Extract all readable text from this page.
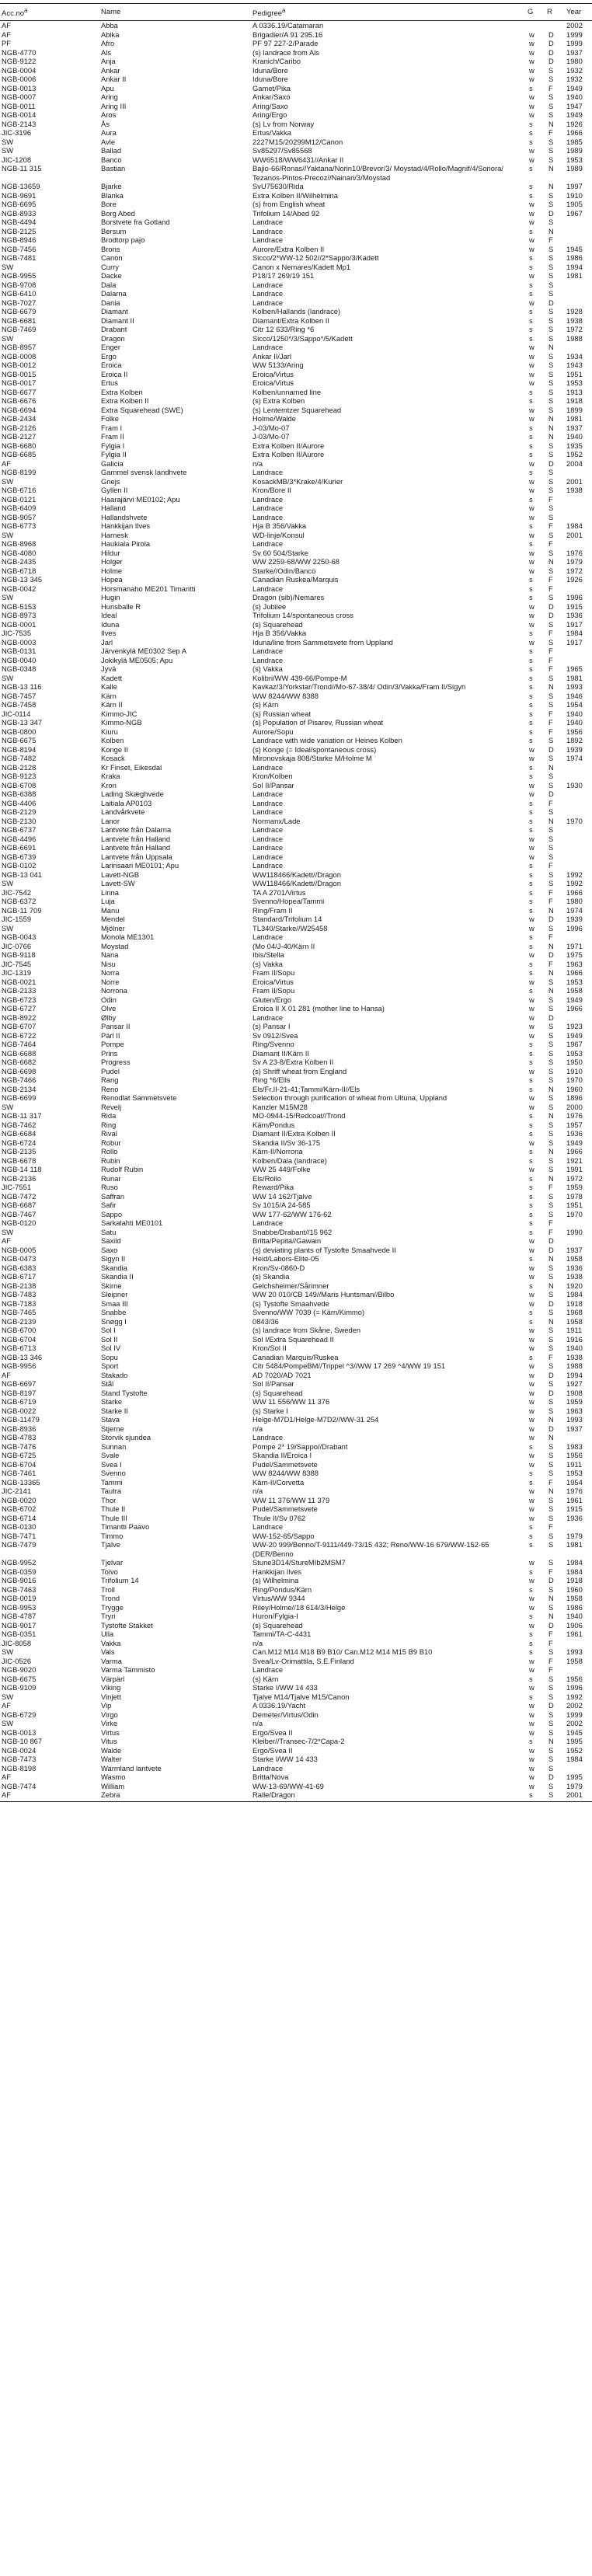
$Acc.no^a$	Name	Pedigree$^a$	G	R	Year
AF	Abba	A 0336.19/Catamaran			2002
AF	Abika	Brigadier/A 91 295.16	w	D	1999
PF	Afro	PF 97 227-2/Parade	w	D	1999
NGB-4770	Als	(s) landrace from Als	w	D	1937
NGB-9122	Anja	Kranich/Caribo	w	D	1980
NGB-0004	Ankar	Iduna/Bore	w	S	1932
NGB-0006	Ankar II	Iduna/Bore	w	S	1932
NGB-0013	Apu	Gamet/Pika	s	F	1949
NGB-0007	Aring	Ankar/Saxo	w	S	1940
NGB-0011	Aring III	Aring/Saxo	w	S	1947
NGB-0014	Aros	Aring/Ergo	w	S	1949
NGB-2143	Ås	(s) Lv from Norway	s	N	1926
JIC-3196	Aura	Ertus/Vakka	s	F	1966
SW	Avle	2227M15/20299M12/Canon	s	S	1985
SW	Ballad	Sv85297/Sv85568	w	S	1989
JIC-1208	Banco	WW6518/WW6431//Ankar II	w	S	1953
NGB-11 315	Bastian	Bajio-66/Ronas//Yaktana/Norin10/Brevor/3/ Moystad/4/Rollo/Magnif/4/Sonora/ Tezanos-Pintos-Precoz//Nainari/3/Moystad	s	N	1989
NGB-13659	Bjarke	SvU75630/Rida	s	N	1997
NGB-9691	Blanka	Extra Kolben II/Wilhelmina	s	S	1910
NGB-6695	Bore	(s) from English wheat	w	S	1905
NGB-8933	Borg Abed	Trifolium 14/Abed 92	w	D	1967
NGB-4494	Borstvete fra Gotland	Landrace	w	S	
NGB-2125	Bersum	Landrace	s	N	
NGB-8946	Brodtorp pajo	Landrace	w	F	
NGB-7456	Brons	Aurore/Extra Kolben II	w	S	1945
NGB-7481	Canon	Sicco/2*WW-12 502//2*Sappo/3/Kadett	s	S	1986
SW	Curry	Canon x Nemares/Kadett Mp1	s	S	1994
NGB-9955	Dacke	P18/17 269/19 151	w	S	1981
NGB-9708	Dala	Landrace	s	S	
NGB-6410	Dalarna	Landrace	s	S	
NGB-7027	Dania	Landrace	w	D	
NGB-6679	Diamant	Kolben/Hallands (landrace)	s	S	1928
NGB-6681	Diamant II	Diamant/Extra Kolben II	s	S	1938
NGB-7469	Drabant	Citr 12 633/Ring *6	s	S	1972
SW	Dragon	Sicco/1250*/3/Sappo*/5/Kadett	s	S	1988
NGB-8957	Enger	Landrace	w	N	
NGB-0008	Ergo	Ankar II/Jarl	w	S	1934
NGB-0012	Eroica	WW 5133/Aring	w	S	1943
NGB-0015	Eroica II	Eroica/Virtus	w	S	1951
NGB-0017	Ertus	Eroica/Virtus	w	S	1953
NGB-6677	Extra Kolben	Kolben/unnamed line	s	S	1913
NGB-6676	Extra Kolben II	(s) Extra Kolben	s	S	1918
NGB-6694	Extra Squarehead (SWE)	(s) Lentemtzer Squarehead	w	S	1899
NGB-2434	Folke	Holme/Walde	w	N	1981
NGB-2126	Fram I	J-03/Mo-07	s	N	1937
NGB-2127	Fram II	J-03/Mo-07	s	N	1940
NGB-6680	Fylgia I	Extra Kolben II/Aurore	s	S	1935
NGB-6685	Fylgia II	Extra Kolben II/Aurore	s	S	1952
AF	Galicia	n/a	w	D	2004
NGB-8199	Gammel svensk landhvete	Landrace	s	S	
SW	Gnejs	KosackMB/3*Krake/4/Kurier	w	S	2001
NGB-6716	Gyllen II	Kron/Bore II	w	S	1938
NGB-0121	Haarajärvi ME0102; Apu	Landrace	s	F	
NGB-6409	Halland	Landrace	w	S	
NGB-9057	Hallandshvete	Landrace	w	S	
NGB-6773	Hankkijan Ilves	Hja B 356/Vakka	s	F	1984
SW	Harnesk	WD-linje/Konsul	w	S	2001
NGB-8968	Haukiala Pirola	Landrace	s	F	
NGB-4080	Hildur	Sv 60 504/Starke	w	S	1976
NGB-2435	Holger	WW 2259-68/WW 2250-68	w	N	1979
NGB-6718	Holme	Starke//Odin/Banco	w	S	1972
NGB-13 345	Hopea	Canadian Ruskea/Marquis	s	F	1926
NGB-0042	Horsmanaho ME201 Timantti	Landrace	s	F	
SW	Hugin	Dragon (sib)/Nemares	s	S	1996
NGB-5153	Hunsballe R	(s) Jubilee	w	D	1915
NGB-8973	Ideal	Trifolium 14/spontaneous cross	w	D	1936
NGB-0001	Iduna	(s) Squarehead	w	S	1917
JIC-7535	Ilves	Hja B 356/Vakka	s	F	1984
NGB-0003	Jarl	Iduna/line from Sammetsvete from Uppland	w	S	1917
NGB-0131	Järvenkylä ME0302 Sep A	Landrace	s	F	
NGB-0040	Jokikylä ME0505; Apu	Landrace	s	F	
NGB-0348	Jyvä	(s) Vakka	s	F	1965
SW	Kadett	Kolibri/WW 439-66/Pompe-M	s	S	1981
NGB-13 116	Kalle	Kavkaz/3/Yorkstar/Trond//Mo-67-38/4/ Odin/3/Vakka/Fram II/Sigyn	s	N	1993
NGB-7457	Kärn	WW 8244/WW 8388	s	S	1946
NGB-7458	Kärn II	(s) Kärn	s	S	1954
JIC-0114	Kimmo-JIC	(s) Russian wheat	s	F	1940
NGB-13 347	Kimmo-NGB	(s) Population of Pisarev, Russian wheat	s	F	1940
NGB-0800	Kiuru	Aurore/Sopu	s	F	1956
NGB-6675	Kolben	Landrace with wide variation or Heines Kolben	s	S	1892
NGB-8194	Konge II	(s) Konge (= Ideal/spontaneous cross)	w	D	1939
NGB-7482	Kosack	Mironovskaja 808/Starke M/Holme M	w	S	1974
NGB-2128	Kr Finset, Eikesdal	Landrace	s	N	
NGB-9123	Kraka	Kron/Kolben	s	S	
NGB-6708	Kron	Sol II/Pansar	w	S	1930
NGB-6388	Lading Skæghvede	Landrace	w	D	
NGB-4406	Laitiala AP0103	Landrace	s	F	
NGB-2129	Landvårkvete	Landrace	s	S	
NGB-2130	Lanor	Normanx/Lade	s	N	1970
NGB-6737	Lantvete från Dalarna	Landrace	s	S	
NGB-4496	Lantvete från Halland	Landrace	w	S	
NGB-6691	Lantvete från Halland	Landrace	w	S	
NGB-6739	Lantvete från Uppsala	Landrace	w	S	
NGB-0102	Larinsaari ME0101; Apu	Landrace	s	F	
NGB-13 041	Lavett-NGB	WW118466/Kadett//Dragon	s	S	1992
SW	Lavett-SW	WW118466/Kadett//Dragon	s	S	1992
JIC-7542	Linna	TA A 2701/Virtus	s	F	1966
NGB-6372	Luja	Svenno/Hopea/Tammi	s	F	1980
NGB-11 709	Manu	Ring/Fram II	s	N	1974
JIC-1559	Mendel	Standard/Trifolium 14	w	D	1939
SW	Mjölner	TL340/Starke//W25458	w	S	1996
NGB-0043	Monola ME1301	Landrace	s	F	
JIC-0766	Moystad	(Mo 04/J-40/Kärn II	s	N	1971
NGB-9118	Nana	Ibis/Stella	w	D	1975
JIC-7545	Nisu	(s) Vakka	s	F	1963
JIC-1319	Norra	Fram II/Sopu	s	N	1966
NGB-0021	Norre	Eroica/Virtus	w	S	1953
NGB-2133	Norrona	Fram II/Sopu	s	N	1958
NGB-6723	Odin	Gluten/Ergo	w	S	1949
NGB-6727	Olve	Eroica II X 01 281 (mother line to Hansa)	w	S	1966
NGB-8922	Ølby	Landrace	w	D	
NGB-6707	Pansar II	(s) Pansar I	w	S	1923
NGB-6722	Pärl II	Sv 0912/Svea	w	S	1949
NGB-7464	Pompe	Ring/Svenno	s	S	1967
NGB-6688	Prins	Diamant II/Kärn II	s	S	1953
NGB-6682	Progress	Sv A 23-8/Extra Kolben II	s	S	1950
NGB-6698	Pudel	(s) Shriff wheat from England	w	S	1910
NGB-7466	Rang	Ring *6/Ells	s	S	1970
NGB-2134	Reno	Els/Fr.II-21-41;Tammi/Kärn-II//Els	s	N	1960
NGB-6699	Renodlat Sammetsvete	Selection through purification of wheat from Ultuna, Uppland	w	S	1896
SW	Revelj	Kanzler M15M28	w	S	2000
NGB-11 317	Rida	MO-0944-15/Redcoat//Trond	s	N	1976
NGB-7462	Ring	Kärn/Pondus	s	S	1957
NGB-6684	Rival	Diamant II/Extra Kolben II	s	S	1936
NGB-6724	Robur	Skandia II/Sv 36-175	w	S	1949
NGB-2135	Rollo	Kärn-II/Norrona	s	N	1966
NGB-6678	Rubin	Kolben/Dala (landrace)	s	S	1921
NGB-14 118	Rudolf Rubin	WW 25 449/Folke	w	S	1991
NGB-2136	Runar	Els/Rollo	s	N	1972
JIC-7551	Ruso	Reward/Pika	s	F	1959
NGB-7472	Saffran	WW 14 162/Tjalve	s	S	1978
NGB-6687	Safir	Sv 1015/A 24-585	s	S	1951
NGB-7467	Sappo	WW 177-62/WW 176-62	s	S	1970
NGB-0120	Sarkalahti ME0101	Landrace	s	F	
SW	Satu	Snabbe/Drabant//15 962	s	F	1990
AF	Saxild	Britta/Pepita//Gawain	w	D	
NGB-0005	Saxo	(s) deviating plants of Tystofte Smaahvede II	w	D	1937
NGB-0473	Sigyn II	Heid/Labors-Elite-05	s	N	1958
NGB-6383	Skandia	Kron/Sv-0860-D	w	S	1936
NGB-6717	Skandia II	(s) Skandia	w	S	1938
NGB-2138	Skirne	Gelchsheimer/Sårimner	s	N	1920
NGB-7483	Sleipner	WW 20 010/CB 149//Maris Huntsman//Bilbo	w	S	1984
NGB-7183	Smaa III	(s) Tystofte Smaahvede	w	D	1918
NGB-7465	Snabbe	Svenno/WW 7039 (= Kärn/Kimmo)	s	S	1968
NGB-2139	Snøgg I	0843/36	s	N	1958
NGB-6700	Sol I	(s) landrace from Skåne, Sweden	w	S	1911
NGB-6704	Sol II	Sol I/Extra Squarehead II	w	S	1916
NGB-6713	Sol IV	Kron/Sol II	w	S	1940
NGB-13 346	Sopu	Canadian Marquis/Ruskea	s	F	1938
NGB-9956	Sport	Citr 5484/PompeBM//Trippel ^3//WW 17 269 ^4/WW 19 151	w	S	1988
AF	Stakado	AD 7020/AD 7021	w	D	1994
NGB-6697	Stål	Sol II/Pansar	w	S	1927
NGB-8197	Stand Tystofte	(s) Squarehead	w	D	1908
NGB-6719	Starke	WW 11 556/WW 11 376	w	S	1959
NGB-0022	Starke II	(s) Starke I	w	S	1963
NGB-11479	Stava	Helge-M7D1/Helge-M7D2//WW-31 254	w	N	1993
NGB-8936	Stjerne	n/a	w	D	1937
NGB-4783	Storvik sjundea	Landrace	w	N	
NGB-7476	Sunnan	Pompe 2* 19/Sappo//Drabant	s	S	1983
NGB-6725	Svale	Skandia II/Eroica I	w	S	1956
NGB-6704	Svea I	Pudel/Sammetsvete	w	S	1911
NGB-7461	Svenno	WW 8244/WW 8388	s	S	1953
NGB-13365	Tammi	Kärn-II/Corvetta	s	F	1954
JIC-2141	Tautra	n/a	w	N	1976
NGB-0020	Thor	WW 11 376/WW 11 379	w	S	1961
NGB-6702	Thule II	Pudel/Sammetsvete	w	S	1915
NGB-6714	Thule III	Thule II/Sv 0762	w	S	1936
NGB-0130	Timantti Paavo	Landrace	s	F	
NGB-7471	Timmo	WW-152-65/Sappo	s	S	1979
NGB-7479	Tjalve	WW-20 999/Benno/T-9111/449-73/15 432; Reno/WW-16 679/WW-152-65 (DER/Benno	s	S	1981
NGB-9952	Tjelvar	Stune3D14/StureMIb2MSM7	w	S	1984
NGB-0359	Toivo	Hankkijan Ilves	s	F	1984
NGB-9016	Trifolium 14	(s) Wilhelmina	w	D	1918
NGB-7463	Troll	Ring/Pondus/Kärn	s	S	1960
NGB-0019	Trond	Virtus/WW 9344	w	N	1958
NGB-9953	Trygge	Riley/Holme//18 614/3/Helge	w	S	1986
NGB-4787	Tryri	Huron/Fylgia-I	s	N	1940
NGB-9017	Tystofte Stakket	(s) Squarehead	w	D	1906
NGB-0351	Ulla	Tammi/TA-C-4431	s	F	1961
JIC-8058	Vakka	n/a	s	F	
SW	Vals	Can.M12 M14 M18 B9 B10/ Can.M12 M14 M15 B9 B10	s	S	1993
JIC-0526	Varma	Svea/Lv-Orimattila, S.E.Finland	w	F	1958
NGB-9020	Varma Tammisto	Landrace	w	F	
NGB-6675	Värpärl	(s) Kärn	s	S	1956
NGB-9109	Viking	Starke I/WW 14 433	w	S	1996
SW	Vinjett	Tjalve M14/Tjalve M15/Canon	s	S	1992
AF	Vip	A 0336.19/Yacht	w	D	2002
NGB-6729	Virgo	Demeter/Virtus/Odin	w	S	1999
SW	Virke	n/a	w	S	2002
NGB-0013	Virtus	Ergo/Svea II	w	S	1945
NGB-10 867	Vitus	Kleiber//Transec-7/2*Capa-2	s	N	1995
NGB-0024	Walde	Ergo/Svea II	w	S	1952
NGB-7473	Walter	Starke I/WW 14 433	w	S	1984
NGB-8198	Warmland lantvete	Landrace	w	S	
AF	Wasmo	Britta/Nova	w	D	1995
NGB-7474	William	WW-13-69/WW-41-69	w	S	1979
AF	Zebra	Ralle/Dragon	s	S	2001
